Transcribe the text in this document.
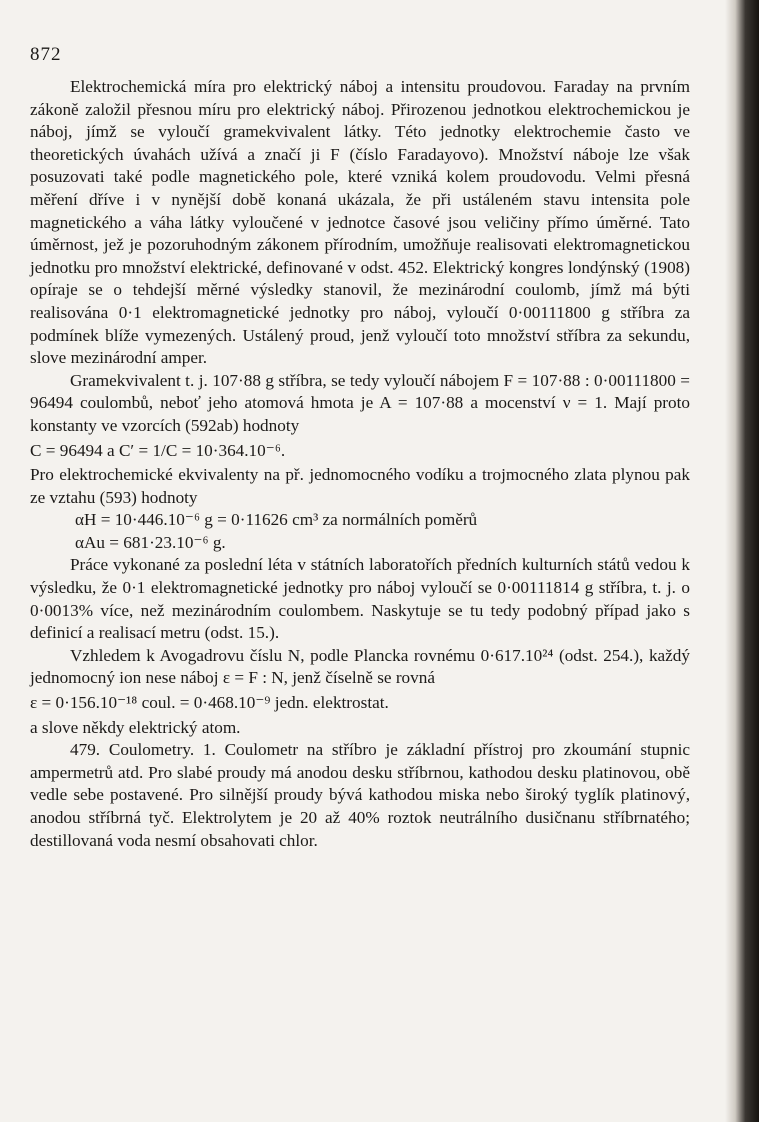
872

Elektrochemická míra pro elektrický náboj a intensitu proudovou. Faraday na prvním zákoně založil přesnou míru pro elektrický náboj. Přirozenou jednotkou elektrochemickou je náboj, jímž se vyloučí gramekvivalent látky. Této jednotky elektrochemie často ve theoretických úvahách užívá a značí ji F (číslo Faradayovo). Množství náboje lze však posuzovati také podle magnetického pole, které vzniká kolem proudovodu. Velmi přesná měření dříve i v nynější době konaná ukázala, že při ustáleném stavu intensita pole magnetického a váha látky vyloučené v jednotce časové jsou veličiny přímo úměrné. Tato úměrnost, jež je pozoruhodným zákonem přírodním, umožňuje realisovati elektromagnetickou jednotku pro množství elektrické, definované v odst. 452. Elektrický kongres londýnský (1908) opíraje se o tehdejší měrné výsledky stanovil, že mezinárodní coulomb, jímž má býti realisována 0·1 elektromagnetické jednotky pro náboj, vyloučí 0·00111800 g stříbra za podmínek blíže vymezených. Ustálený proud, jenž vyloučí toto množství stříbra za sekundu, slove mezinárodní amper.

Gramekvivalent t. j. 107·88 g stříbra, se tedy vyloučí nábojem F = 107·88 : 0·00111800 = 96494 coulombů, neboť jeho atomová hmota je A = 107·88 a mocenství ν = 1. Mají proto konstanty ve vzorcích (592ab) hodnoty

C = 96494 a C′ = 1/C = 10·364.10⁻⁶.

Pro elektrochemické ekvivalenty na př. jednomocného vodíku a trojmocného zlata plynou pak ze vztahu (593) hodnoty

αH = 10·446.10⁻⁶ g = 0·11626 cm³ za normálních poměrů

αAu = 681·23.10⁻⁶ g.

Práce vykonané za poslední léta v státních laboratořích předních kulturních států vedou k výsledku, že 0·1 elektromagnetické jednotky pro náboj vyloučí se 0·00111814 g stříbra, t. j. o 0·0013% více, než mezinárodním coulombem. Naskytuje se tu tedy podobný případ jako s definicí a realisací metru (odst. 15.).

Vzhledem k Avogadrovu číslu N, podle Plancka rovnému 0·617.10²⁴ (odst. 254.), každý jednomocný ion nese náboj ε = F : N, jenž číselně se rovná

ε = 0·156.10⁻¹⁸ coul. = 0·468.10⁻⁹ jedn. elektrostat.

a slove někdy elektrický atom.

479. Coulometry. 1. Coulometr na stříbro je základní přístroj pro zkoumání stupnic ampermetrů atd. Pro slabé proudy má anodou desku stříbrnou, kathodou desku platinovou, obě vedle sebe postavené. Pro silnější proudy bývá kathodou miska nebo široký tyglík platinový, anodou stříbrná tyč. Elektrolytem je 20 až 40% roztok neutrálního dusičnanu stříbrnatého; destillovaná voda nesmí obsahovati chlor.
